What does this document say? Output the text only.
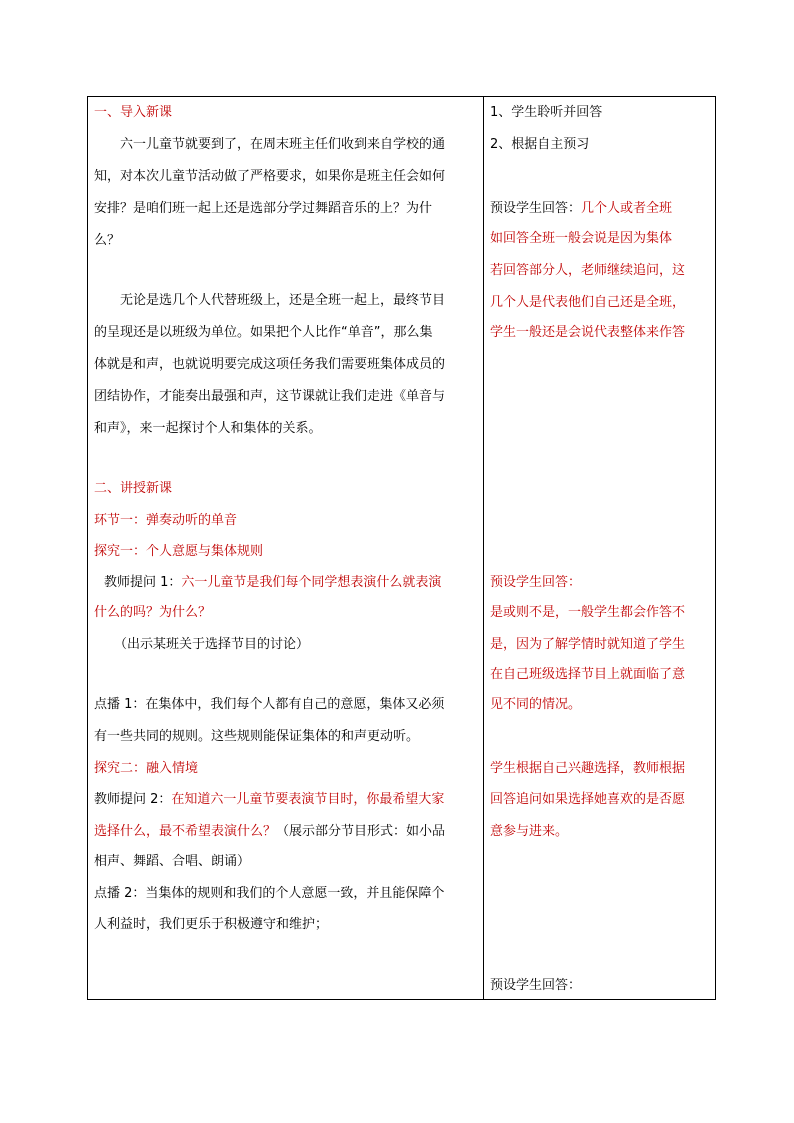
一、导入新课
六一儿童节就要到了，在周末班主任们收到来自学校的通
知，对本次儿童节活动做了严格要求，如果你是班主任会如何
安排？是咱们班一起上还是选部分学过舞蹈音乐的上？为什
么？
无论是选几个人代替班级上，还是全班一起上，最终节目
的呈现还是以班级为单位。如果把个人比作“单音”，那么集
体就是和声，也就说明要完成这项任务我们需要班集体成员的
团结协作，才能奏出最强和声，这节课就让我们走进《单音与
和声》，来一起探讨个人和集体的关系。
二、讲授新课
环节一：弹奏动听的单音
探究一：个人意愿与集体规则
教师提问 1：六一儿童节是我们每个同学想表演什么就表演
什么的吗？为什么？
（出示某班关于选择节目的讨论）
点播 1：在集体中，我们每个人都有自己的意愿，集体又必须
有一些共同的规则。这些规则能保证集体的和声更动听。
探究二：融入情境
教师提问 2：在知道六一儿童节要表演节目时，你最希望大家
选择什么，最不希望表演什么？（展示部分节目形式：如小品
相声、舞蹈、合唱、朗诵）
点播 2：当集体的规则和我们的个人意愿一致，并且能保障个
人利益时，我们更乐于积极遵守和维护；
1、学生聆听并回答
2、根据自主预习
预设学生回答：几个人或者全班
如回答全班一般会说是因为集体
若回答部分人，老师继续追问，这
几个人是代表他们自己还是全班，
学生一般还是会说代表整体来作答
预设学生回答：
是或则不是，一般学生都会作答不
是，因为了解学情时就知道了学生
在自己班级选择节目上就面临了意
见不同的情况。
学生根据自己兴趣选择，教师根据
回答追问如果选择她喜欢的是否愿
意参与进来。
预设学生回答：
